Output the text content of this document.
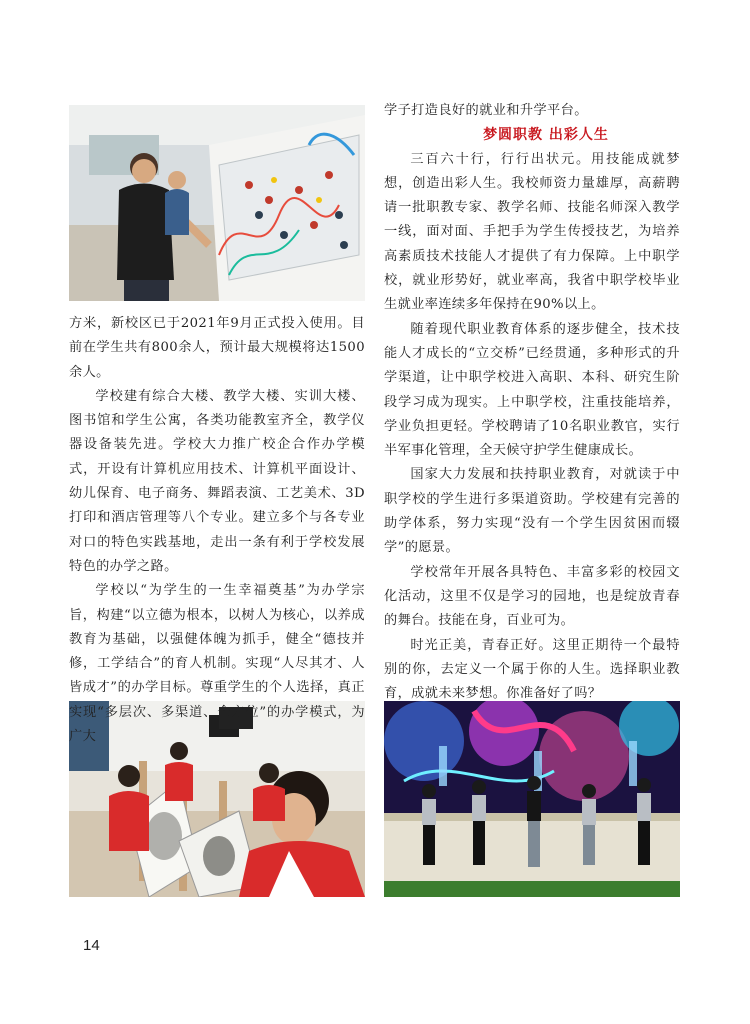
方米，新校区已于2021年9月正式投入使用。目前在学生共有800余人，预计最大规模将达1500余人。

学校建有综合大楼、教学大楼、实训大楼、图书馆和学生公寓，各类功能教室齐全，教学仪器设备装先进。学校大力推广校企合作办学模式，开设有计算机应用技术、计算机平面设计、幼儿保育、电子商务、舞蹈表演、工艺美术、3D打印和酒店管理等八个专业。建立多个与各专业对口的特色实践基地，走出一条有利于学校发展特色的办学之路。

学校以“为学生的一生幸福奠基”为办学宗旨，构建“以立德为根本，以树人为核心，以养成教育为基础，以强健体魄为抓手，健全“德技并修，工学结合”的育人机制。实现“人尽其才、人皆成才”的办学目标。尊重学生的个人选择，真正实现“多层次、多渠道、全方位”的办学模式，为广大

学子打造良好的就业和升学平台。

梦圆职教 出彩人生

三百六十行，行行出状元。用技能成就梦想，创造出彩人生。我校师资力量雄厚，高薪聘请一批职教专家、教学名师、技能名师深入教学一线，面对面、手把手为学生传授技艺，为培养高素质技术技能人才提供了有力保障。上中职学校，就业形势好，就业率高，我省中职学校毕业生就业率连续多年保持在90%以上。

随着现代职业教育体系的逐步健全，技术技能人才成长的“立交桥”已经贯通，多种形式的升学渠道，让中职学校进入高职、本科、研究生阶段学习成为现实。上中职学校，注重技能培养，学业负担更轻。学校聘请了10名职业教官，实行半军事化管理，全天候守护学生健康成长。

国家大力发展和扶持职业教育，对就读于中职学校的学生进行多渠道资助。学校建有完善的助学体系，努力实现“没有一个学生因贫困而辍学”的愿景。

学校常年开展各具特色、丰富多彩的校园文化活动，这里不仅是学习的园地，也是绽放青春的舞台。技能在身，百业可为。

时光正美，青春正好。这里正期待一个最特别的你，去定义一个属于你的人生。选择职业教育，成就未来梦想。你准备好了吗？

14
